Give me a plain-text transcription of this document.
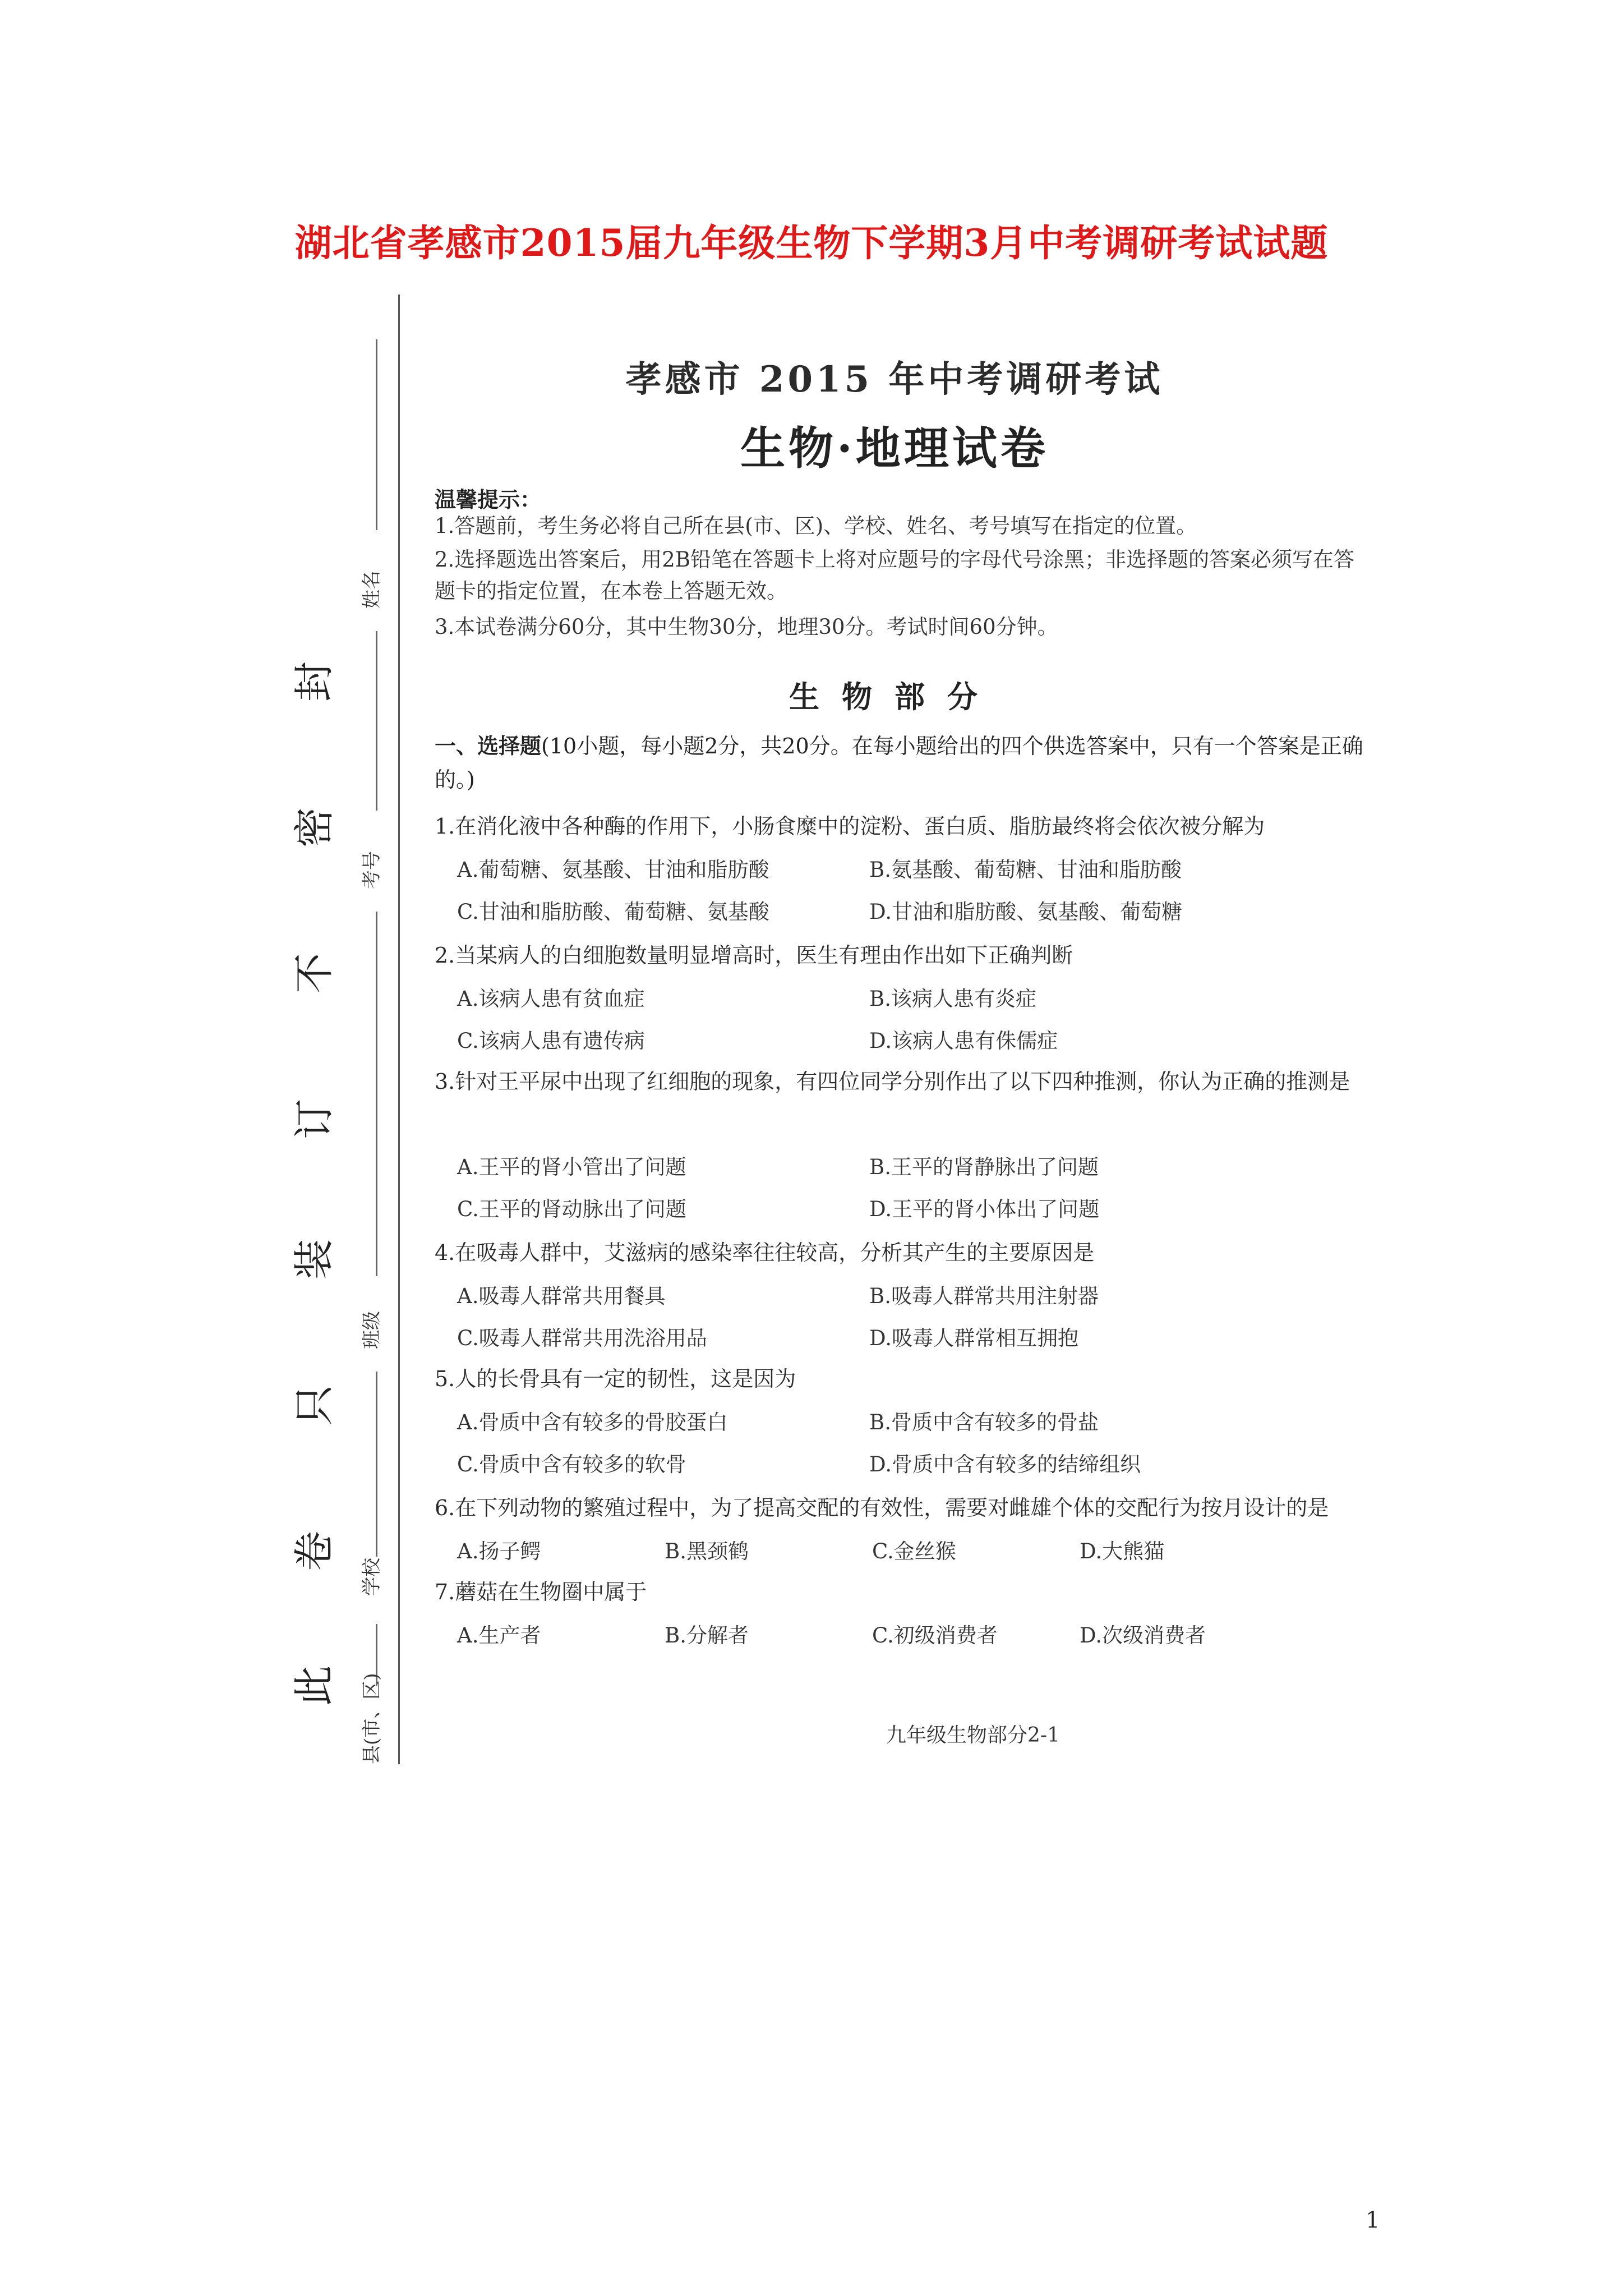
湖北省孝感市2015届九年级生物下学期3月中考调研考试试题
此
卷
只
装
订
不
密
封
姓名
考号
班级
学校
县(市、区)
孝感市 2015 年中考调研考试
生物·地理试卷
温馨提示：
1.答题前，考生务必将自己所在县(市、区)、学校、姓名、考号填写在指定的位置。
2.选择题选出答案后，用2B铅笔在答题卡上将对应题号的字母代号涂黑；非选择题的答案必须写在答题卡的指定位置，在本卷上答题无效。
3.本试卷满分60分，其中生物30分，地理30分。考试时间60分钟。
生物部分
一、选择题(10小题，每小题2分，共20分。在每小题给出的四个供选答案中，只有一个答案是正确的。)
1.在消化液中各种酶的作用下，小肠食糜中的淀粉、蛋白质、脂肪最终将会依次被分解为
A.葡萄糖、氨基酸、甘油和脂肪酸	B.氨基酸、葡萄糖、甘油和脂肪酸
C.甘油和脂肪酸、葡萄糖、氨基酸	D.甘油和脂肪酸、氨基酸、葡萄糖
2.当某病人的白细胞数量明显增高时，医生有理由作出如下正确判断
A.该病人患有贫血症	B.该病人患有炎症
C.该病人患有遗传病	D.该病人患有侏儒症
3.针对王平尿中出现了红细胞的现象，有四位同学分别作出了以下四种推测，你认为正确的推测是
A.王平的肾小管出了问题	B.王平的肾静脉出了问题
C.王平的肾动脉出了问题	D.王平的肾小体出了问题
4.在吸毒人群中，艾滋病的感染率往往较高，分析其产生的主要原因是
A.吸毒人群常共用餐具	B.吸毒人群常共用注射器
C.吸毒人群常共用洗浴用品	D.吸毒人群常相互拥抱
5.人的长骨具有一定的韧性，这是因为
A.骨质中含有较多的骨胶蛋白	B.骨质中含有较多的骨盐
C.骨质中含有较多的软骨	D.骨质中含有较多的结缔组织
6.在下列动物的繁殖过程中，为了提高交配的有效性，需要对雌雄个体的交配行为按月设计的是
A.扬子鳄	B.黑颈鹤	C.金丝猴	D.大熊猫
7.蘑菇在生物圈中属于
A.生产者	B.分解者	C.初级消费者	D.次级消费者
九年级生物部分2-1
1
